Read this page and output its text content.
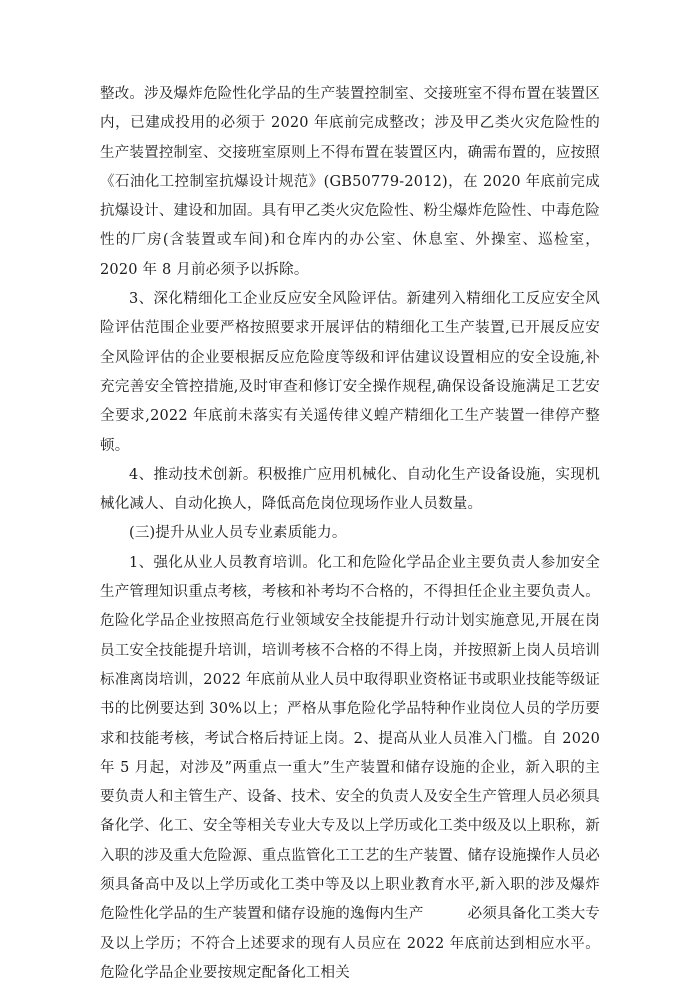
整改。涉及爆炸危险性化学品的生产装置控制室、交接班室不得布置在装置区内，已建成投用的必须于 2020 年底前完成整改；涉及甲乙类火灾危险性的生产装置控制室、交接班室原则上不得布置在装置区内，确需布置的，应按照《石油化工控制室抗爆设计规范》(GB50779-2012)，在 2020 年底前完成抗爆设计、建设和加固。具有甲乙类火灾危险性、粉尘爆炸危险性、中毒危险性的厂房(含装置或车间)和仓库内的办公室、休息室、外操室、巡检室，2020 年 8 月前必须予以拆除。

3、深化精细化工企业反应安全风险评估。新建列入精细化工反应安全风险评估范围企业要严格按照要求开展评估的精细化工生产装置,已开展反应安全风险评估的企业要根据反应危险度等级和评估建议设置相应的安全设施,补充完善安全管控措施,及时审查和修订安全操作规程,确保设备设施满足工艺安全要求,2022 年底前未落实有关遥传律义蝗产精细化工生产装置一律停产整顿。

4、推动技术创新。积极推广应用机械化、自动化生产设备设施，实现机械化减人、自动化换人，降低高危岗位现场作业人员数量。

(三)提升从业人员专业素质能力。

1、强化从业人员教育培训。化工和危险化学品企业主要负责人参加安全生产管理知识重点考核，考核和补考均不合格的，不得担任企业主要负责人。危险化学品企业按照高危行业领域安全技能提升行动计划实施意见,开展在岗员工安全技能提升培训，培训考核不合格的不得上岗，并按照新上岗人员培训标准离岗培训，2022 年底前从业人员中取得职业资格证书或职业技能等级证书的比例要达到 30%以上；严格从事危险化学品特种作业岗位人员的学历要求和技能考核，考试合格后持证上岗。2、提高从业人员准入门槛。自 2020 年 5 月起，对涉及”两重点一重大”生产装置和储存设施的企业，新入职的主要负责人和主管生产、设备、技术、安全的负责人及安全生产管理人员必须具备化学、化工、安全等相关专业大专及以上学历或化工类中级及以上职称，新入职的涉及重大危险源、重点监管化工工艺的生产装置、储存设施操作人员必须具备高中及以上学历或化工类中等及以上职业教育水平,新入职的涉及爆炸危险性化学品的生产装置和储存设施的逸侮内生产　　　必须具备化工类大专及以上学历；不符合上述要求的现有人员应在 2022 年底前达到相应水平。危险化学品企业要按规定配备化工相关
